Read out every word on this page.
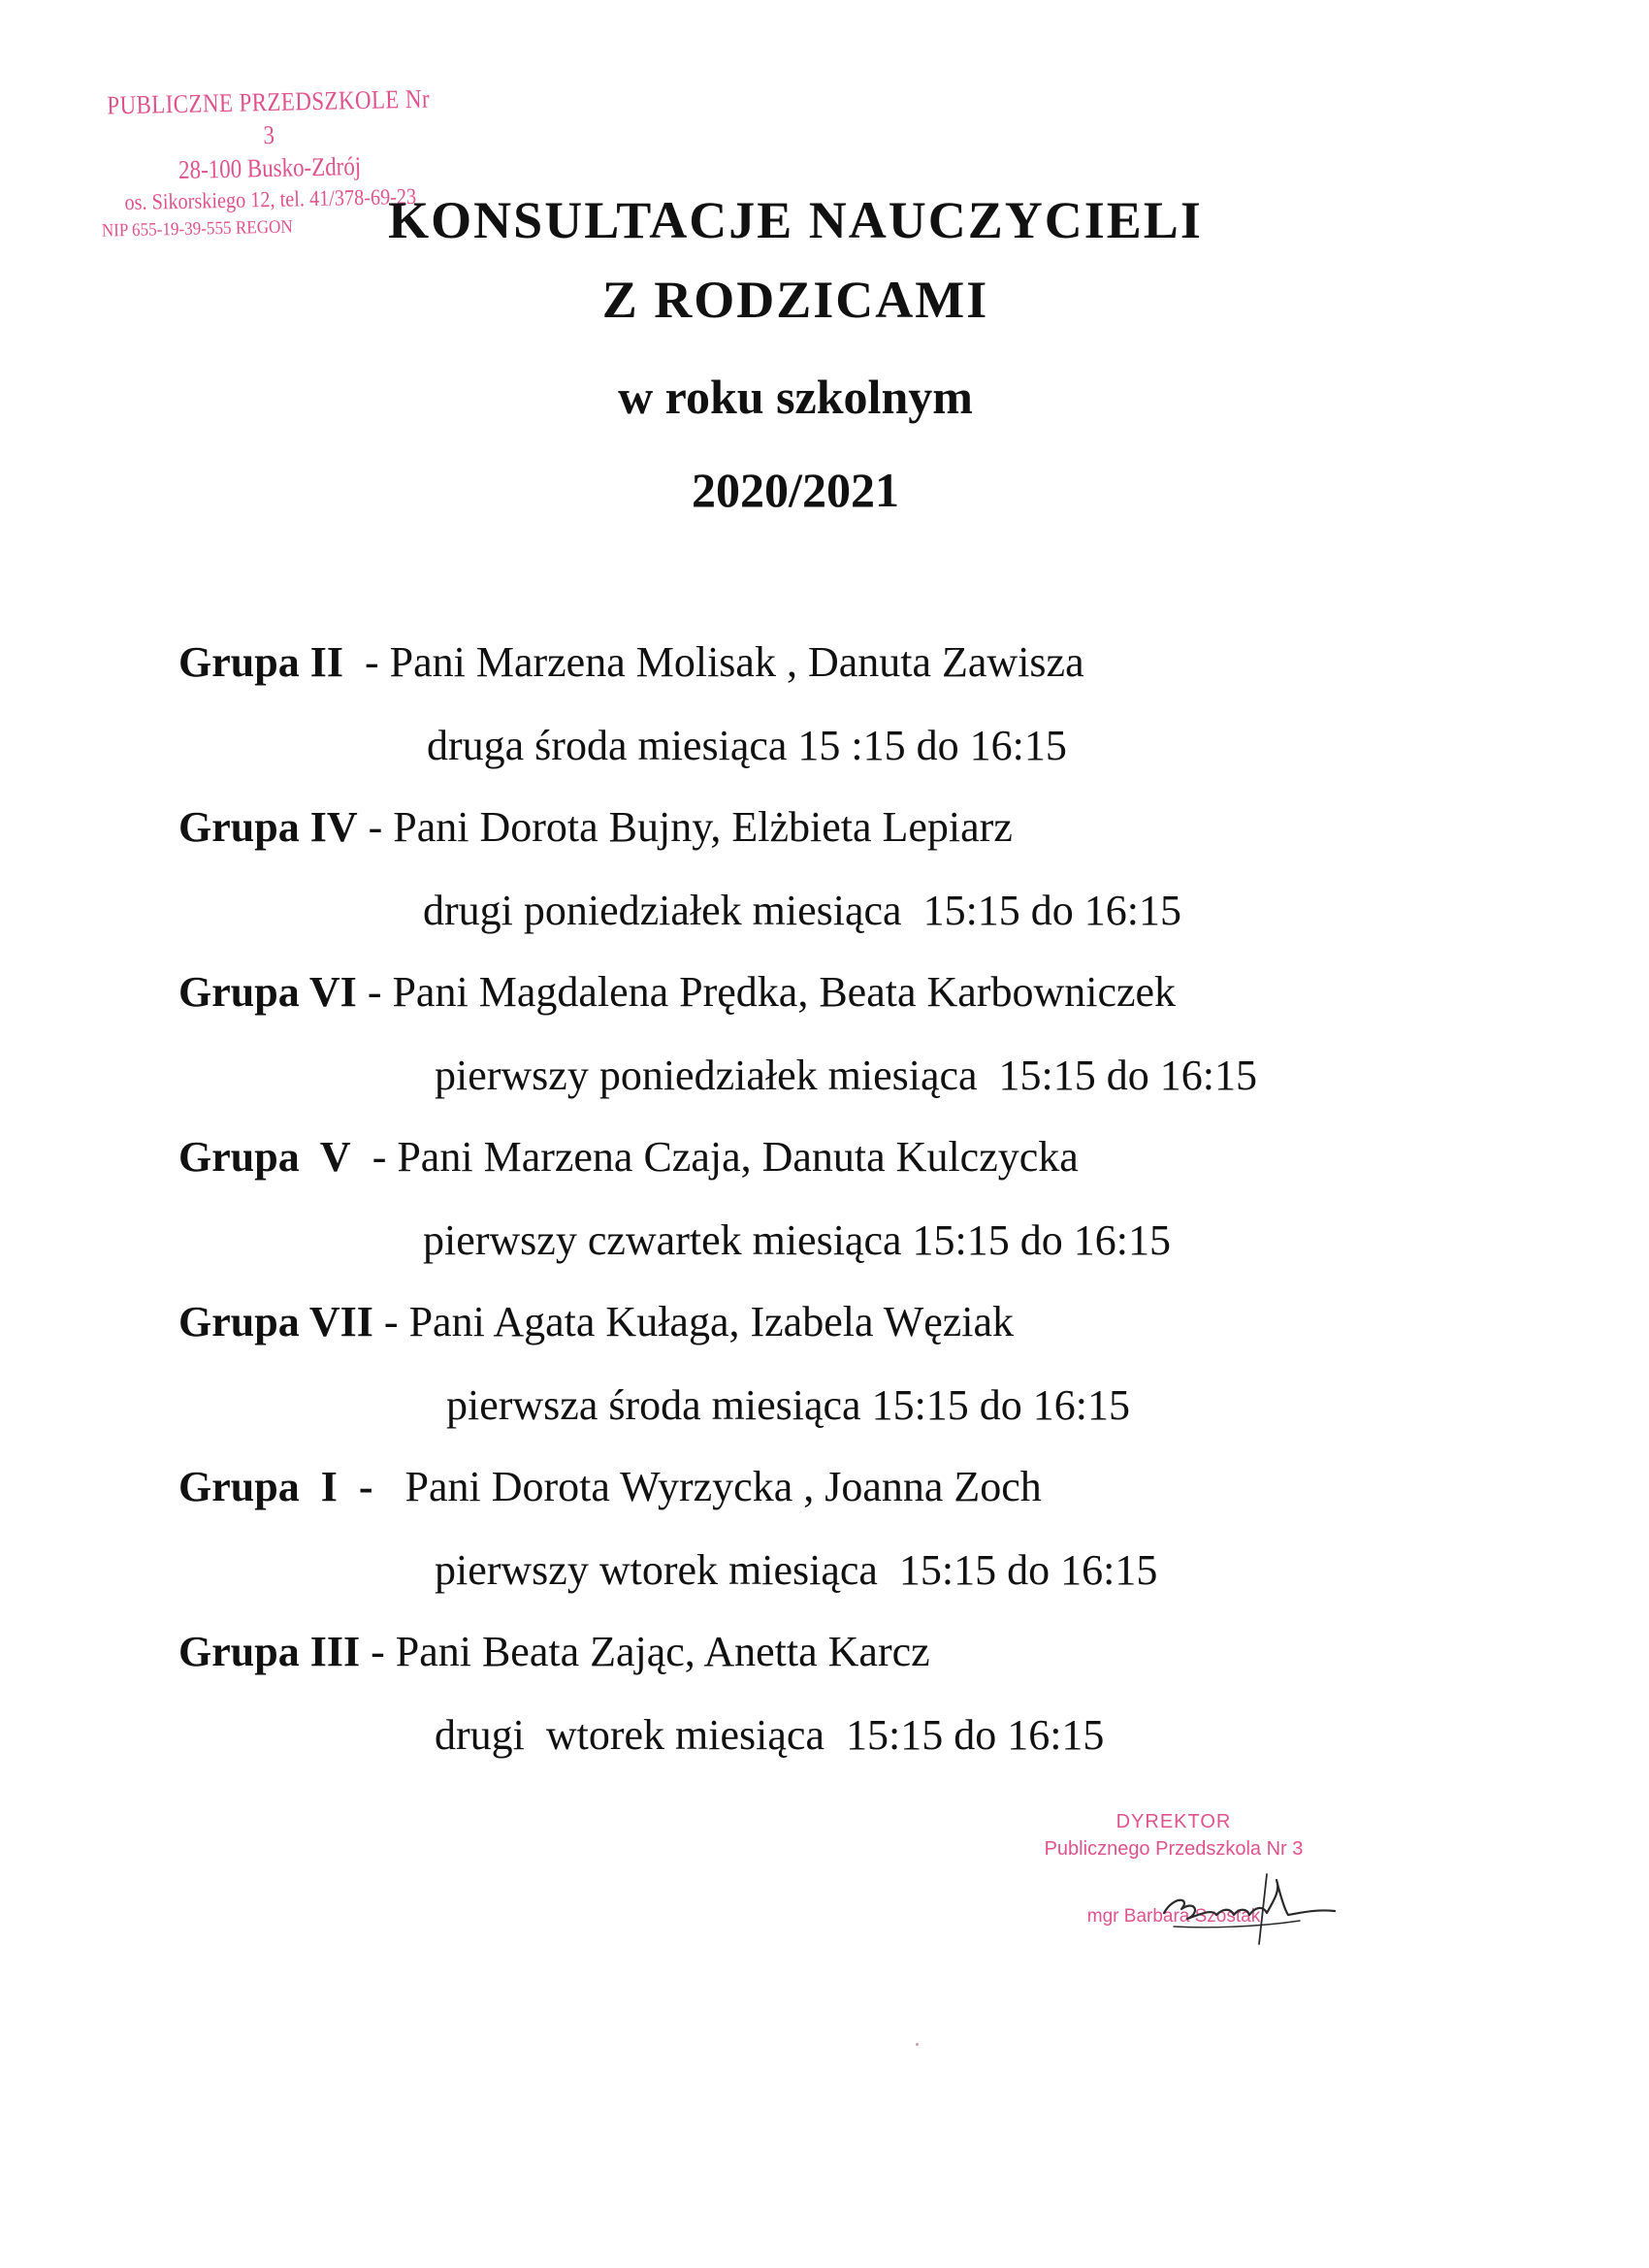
PUBLICZNE PRZEDSZKOLE Nr 3
28-100 Busko-Zdrój
os. Sikorskiego 12, tel. 41/378-69-23
NIP 655-19-39-555 REGON	KONSULTACJE NAUCZYCIELI
Z RODZICAMI
w roku szkolnym
2020/2021
Grupa II  - Pani Marzena Molisak , Danuta Zawisza
druga środa miesiąca 15 :15 do 16:15
Grupa IV - Pani Dorota Bujny, Elżbieta Lepiarz
drugi poniedziałek miesiąca  15:15 do 16:15
Grupa VI - Pani Magdalena Prędka, Beata Karbowniczek
pierwszy poniedziałek miesiąca  15:15 do 16:15
Grupa  V  - Pani Marzena Czaja, Danuta Kulczycka
pierwszy czwartek miesiąca 15:15 do 16:15
Grupa VII - Pani Agata Kułaga, Izabela Węziak
pierwsza środa miesiąca 15:15 do 16:15
Grupa  I  -   Pani Dorota Wyrzycka , Joanna Zoch
pierwszy wtorek miesiąca  15:15 do 16:15
Grupa III - Pani Beata Zając, Anetta Karcz
drugi  wtorek miesiąca  15:15 do 16:15
DYREKTOR
Publicznego Przedszkola Nr 3
mgr Barbara Szostak
